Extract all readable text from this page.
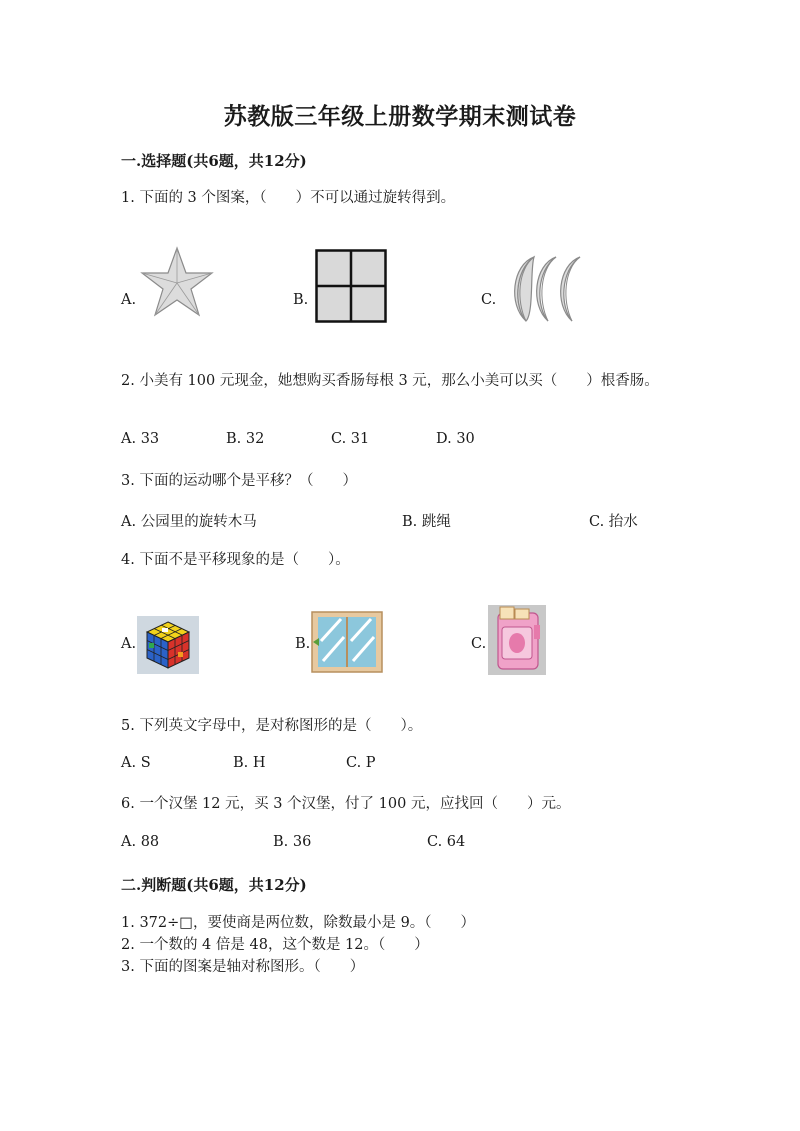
苏教版三年级上册数学期末测试卷
一.选择题(共6题，共12分)
1. 下面的 3 个图案，（　　）不可以通过旋转得到。
A.	B.	C.
2. 小美有 100 元现金，她想购买香肠每根 3 元，那么小美可以买（　　）根香肠。
A. 33	B. 32	C. 31	D. 30
3. 下面的运动哪个是平移？（　　）
A. 公园里的旋转木马	B. 跳绳	C. 抬水
4. 下面不是平移现象的是（　　）。
A.	B.	C.
5. 下列英文字母中，是对称图形的是（　　）。
A. S	B. H	C. P
6. 一个汉堡 12 元，买 3 个汉堡，付了 100 元，应找回（　　）元。
A. 88	B. 36	C. 64
二.判断题(共6题，共12分)
1. 372÷□，要使商是两位数，除数最小是 9。（　　）
2. 一个数的 4 倍是 48，这个数是 12。（　　）
3. 下面的图案是轴对称图形。（　　）
